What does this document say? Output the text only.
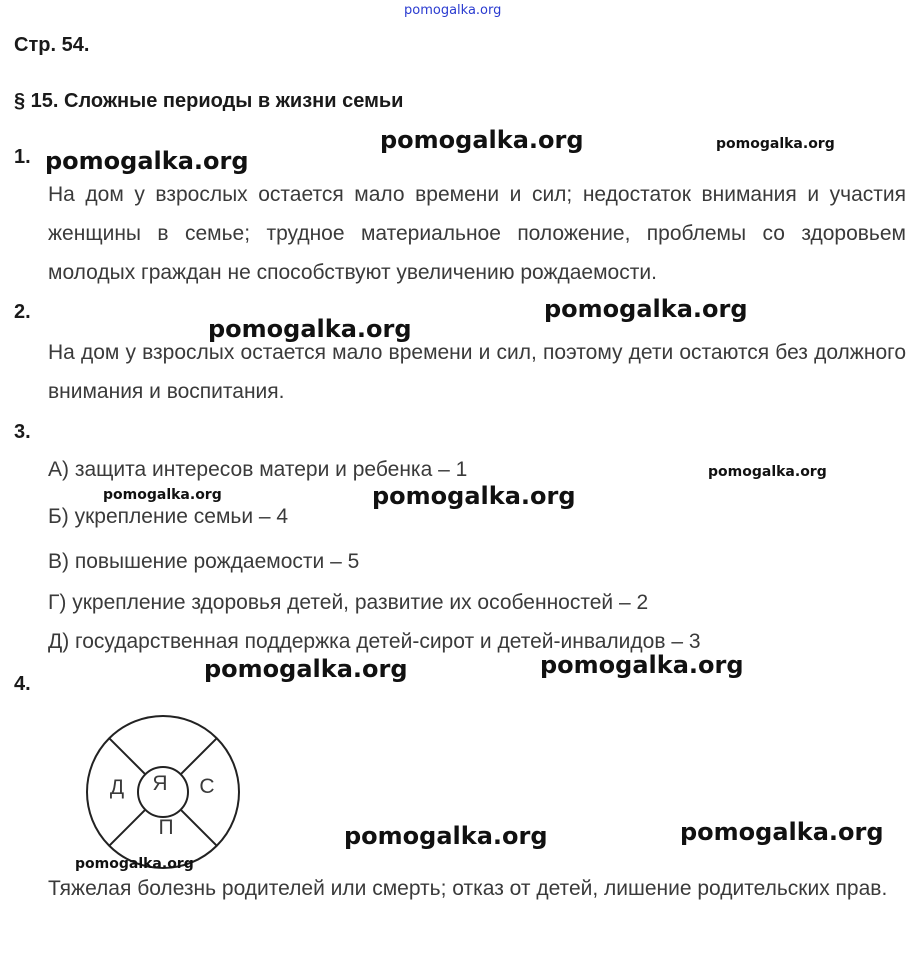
pomogalka.org
Стр. 54.
§ 15. Сложные периоды в жизни семьи
1.
На дом у взрослых остается мало времени и сил; недостаток внимания и участия женщины в семье; трудное материальное положение, проблемы со здоровьем молодых граждан не способствуют увеличению рождаемости.
2.
На дом у взрослых остается мало времени и сил, поэтому дети остаются без должного внимания и воспитания.
3.
А) защита интересов матери и ребенка – 1
Б) укрепление семьи – 4
В) повышение рождаемости – 5
Г) укрепление здоровья детей, развитие их особенностей – 2
Д) государственная поддержка детей-сирот и детей-инвалидов – 3
4.
Я
Д	С
П
Тяжелая болезнь родителей или смерть; отказ от детей, лишение родительских прав.
pomogalka.org
pomogalka.org
pomogalka.org
pomogalka.org
pomogalka.org
pomogalka.org
pomogalka.org	pomogalka.org
pomogalka.org	pomogalka.org
pomogalka.org	pomogalka.org
pomogalka.org
